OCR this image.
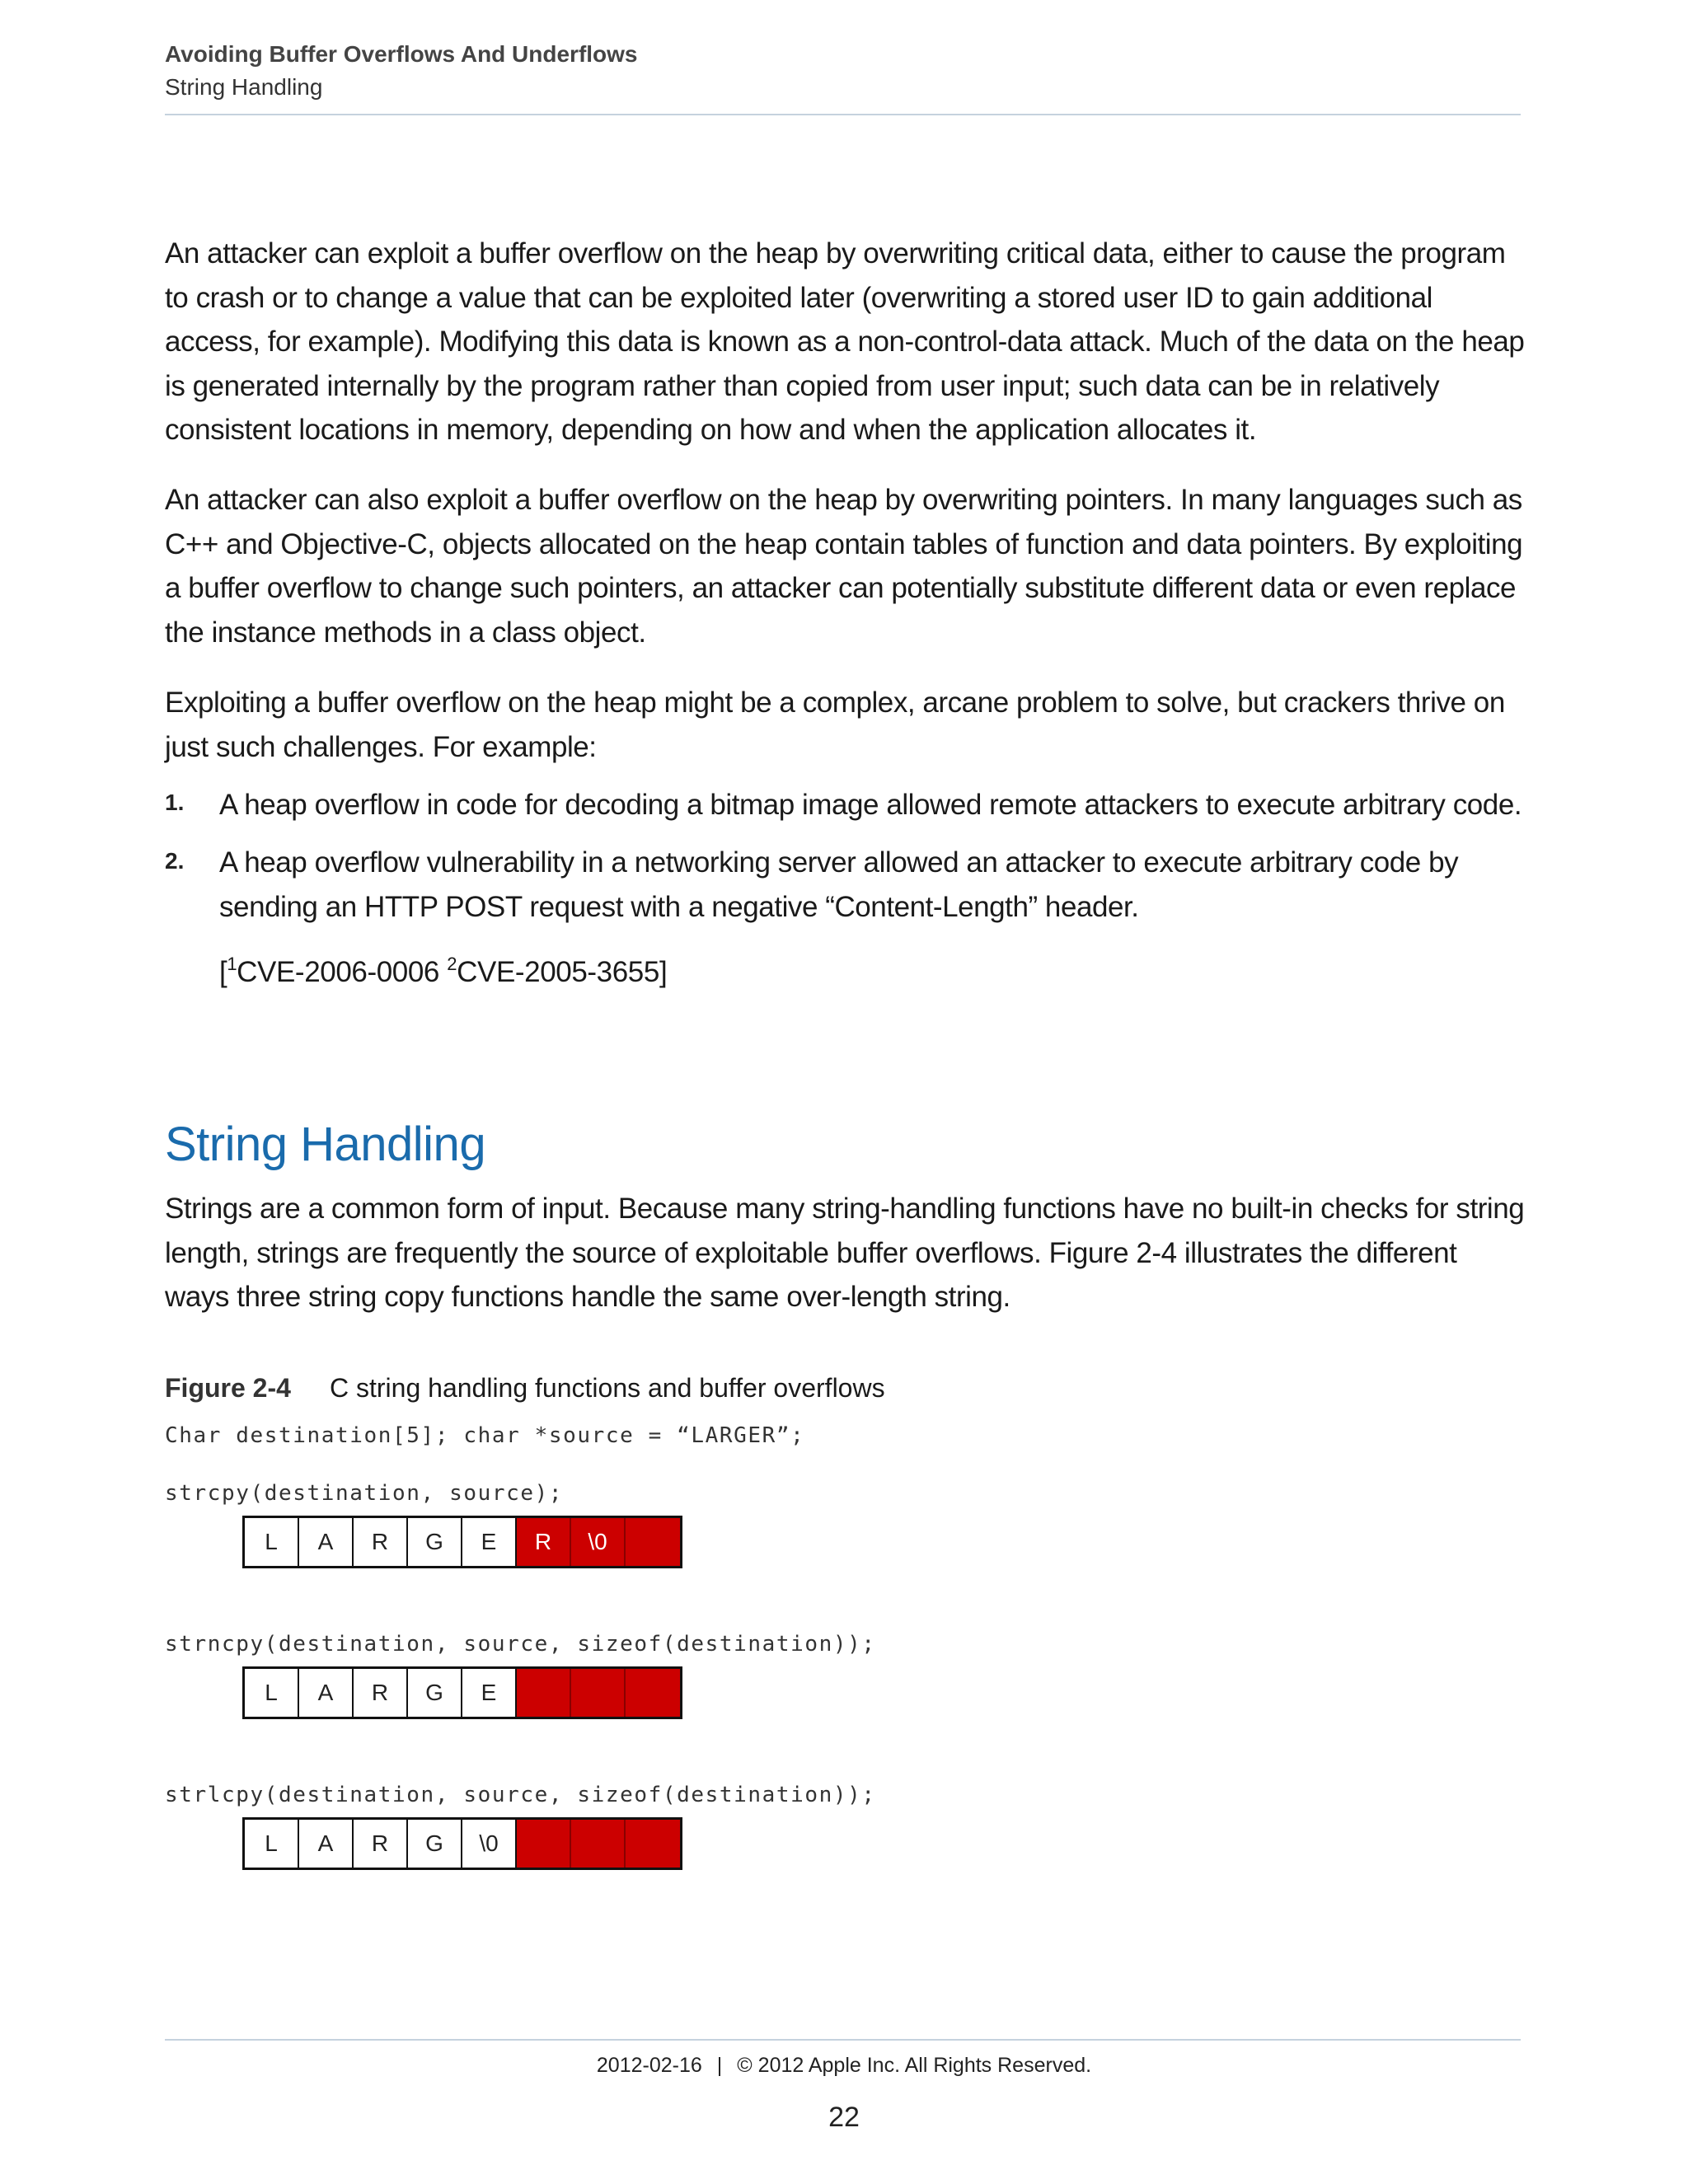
Avoiding Buffer Overflows And Underflows
String Handling

An attacker can exploit a buffer overflow on the heap by overwriting critical data, either to cause the program to crash or to change a value that can be exploited later (overwriting a stored user ID to gain additional access, for example). Modifying this data is known as a non-control-data attack. Much of the data on the heap is generated internally by the program rather than copied from user input; such data can be in relatively consistent locations in memory, depending on how and when the application allocates it.

An attacker can also exploit a buffer overflow on the heap by overwriting pointers. In many languages such as C++ and Objective-C, objects allocated on the heap contain tables of function and data pointers. By exploiting a buffer overflow to change such pointers, an attacker can potentially substitute different data or even replace the instance methods in a class object.

Exploiting a buffer overflow on the heap might be a complex, arcane problem to solve, but crackers thrive on just such challenges. For example:

1. A heap overflow in code for decoding a bitmap image allowed remote attackers to execute arbitrary code.
2. A heap overflow vulnerability in a networking server allowed an attacker to execute arbitrary code by sending an HTTP POST request with a negative “Content-Length” header.
[$^1$CVE-2006-0006 $^2$CVE-2005-3655]
String Handling

Strings are a common form of input. Because many string-handling functions have no built-in checks for string length, strings are frequently the source of exploitable buffer overflows. Figure 2-4 illustrates the different ways three string copy functions handle the same over-length string.

Figure 2-4 C string handling functions and buffer overflows
Char destination[5]; char *source = “LARGER”;
strcpy(destination, source);
L	A	R	G	E	R	\0
strncpy(destination, source, sizeof(destination));
L	A	R	G	E
strlcpy(destination, source, sizeof(destination));
L	A	R	G	\0
2012-02-16 | © 2012 Apple Inc. All Rights Reserved.
22
